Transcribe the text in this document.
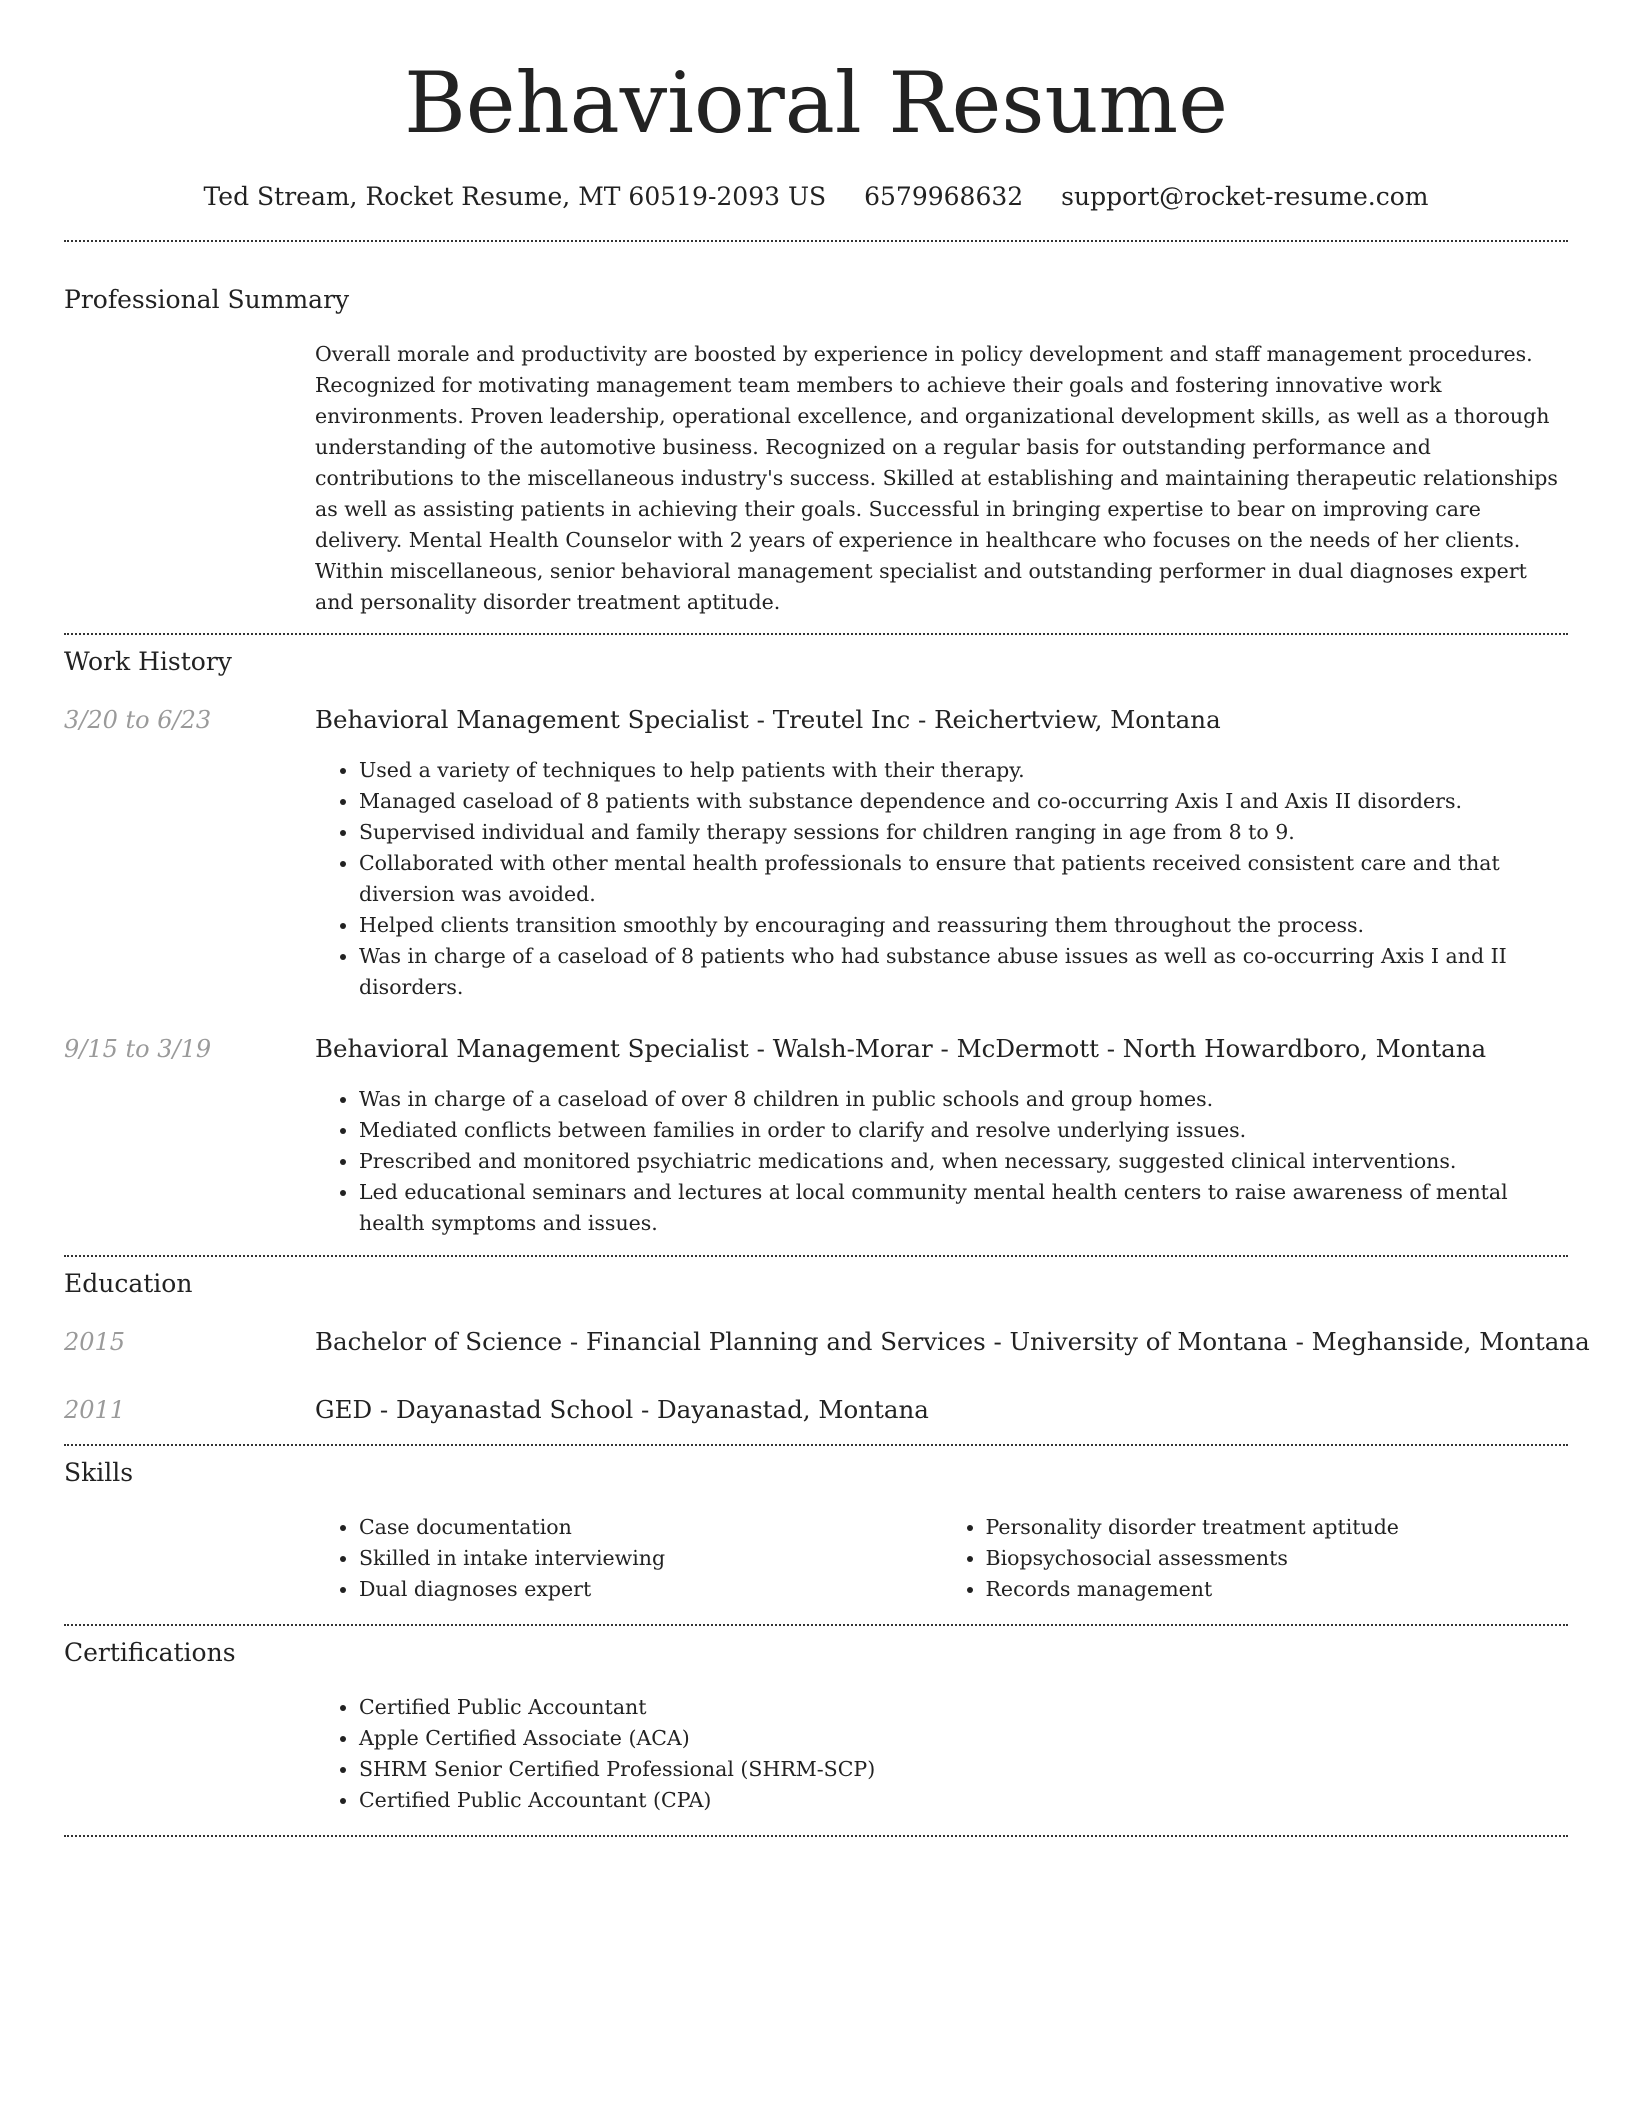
Behavioral Resume
Ted Stream, Rocket Resume, MT 60519-2093 US 6579968632 support@rocket-resume.com
Professional Summary

Overall morale and productivity are boosted by experience in policy development and staff management procedures. Recognized for motivating management team members to achieve their goals and fostering innovative work environments. Proven leadership, operational excellence, and organizational development skills, as well as a thorough understanding of the automotive business. Recognized on a regular basis for outstanding performance and contributions to the miscellaneous industry's success. Skilled at establishing and maintaining therapeutic relationships as well as assisting patients in achieving their goals. Successful in bringing expertise to bear on improving care delivery. Mental Health Counselor with 2 years of experience in healthcare who focuses on the needs of her clients. Within miscellaneous, senior behavioral management specialist and outstanding performer in dual diagnoses expert and personality disorder treatment aptitude.

Work History
3/20 to 6/23	Behavioral Management Specialist - Treutel Inc - Reichertview, Montana
• Used a variety of techniques to help patients with their therapy.
• Managed caseload of 8 patients with substance dependence and co-occurring Axis I and Axis II disorders.
• Supervised individual and family therapy sessions for children ranging in age from 8 to 9.
• Collaborated with other mental health professionals to ensure that patients received consistent care and that diversion was avoided.
• Helped clients transition smoothly by encouraging and reassuring them throughout the process.
• Was in charge of a caseload of 8 patients who had substance abuse issues as well as co-occurring Axis I and II disorders.
9/15 to 3/19	Behavioral Management Specialist - Walsh-Morar - McDermott - North Howardboro, Montana
• Was in charge of a caseload of over 8 children in public schools and group homes.
• Mediated conflicts between families in order to clarify and resolve underlying issues.
• Prescribed and monitored psychiatric medications and, when necessary, suggested clinical interventions.
• Led educational seminars and lectures at local community mental health centers to raise awareness of mental health symptoms and issues.
Education
2015	Bachelor of Science - Financial Planning and Services - University of Montana - Meghanside, Montana
2011	GED - Dayanastad School - Dayanastad, Montana
Skills
• Case documentation
• Skilled in intake interviewing
• Dual diagnoses expert
• Personality disorder treatment aptitude
• Biopsychosocial assessments
• Records management
Certifications
• Certified Public Accountant
• Apple Certified Associate (ACA)
• SHRM Senior Certified Professional (SHRM-SCP)
• Certified Public Accountant (CPA)
